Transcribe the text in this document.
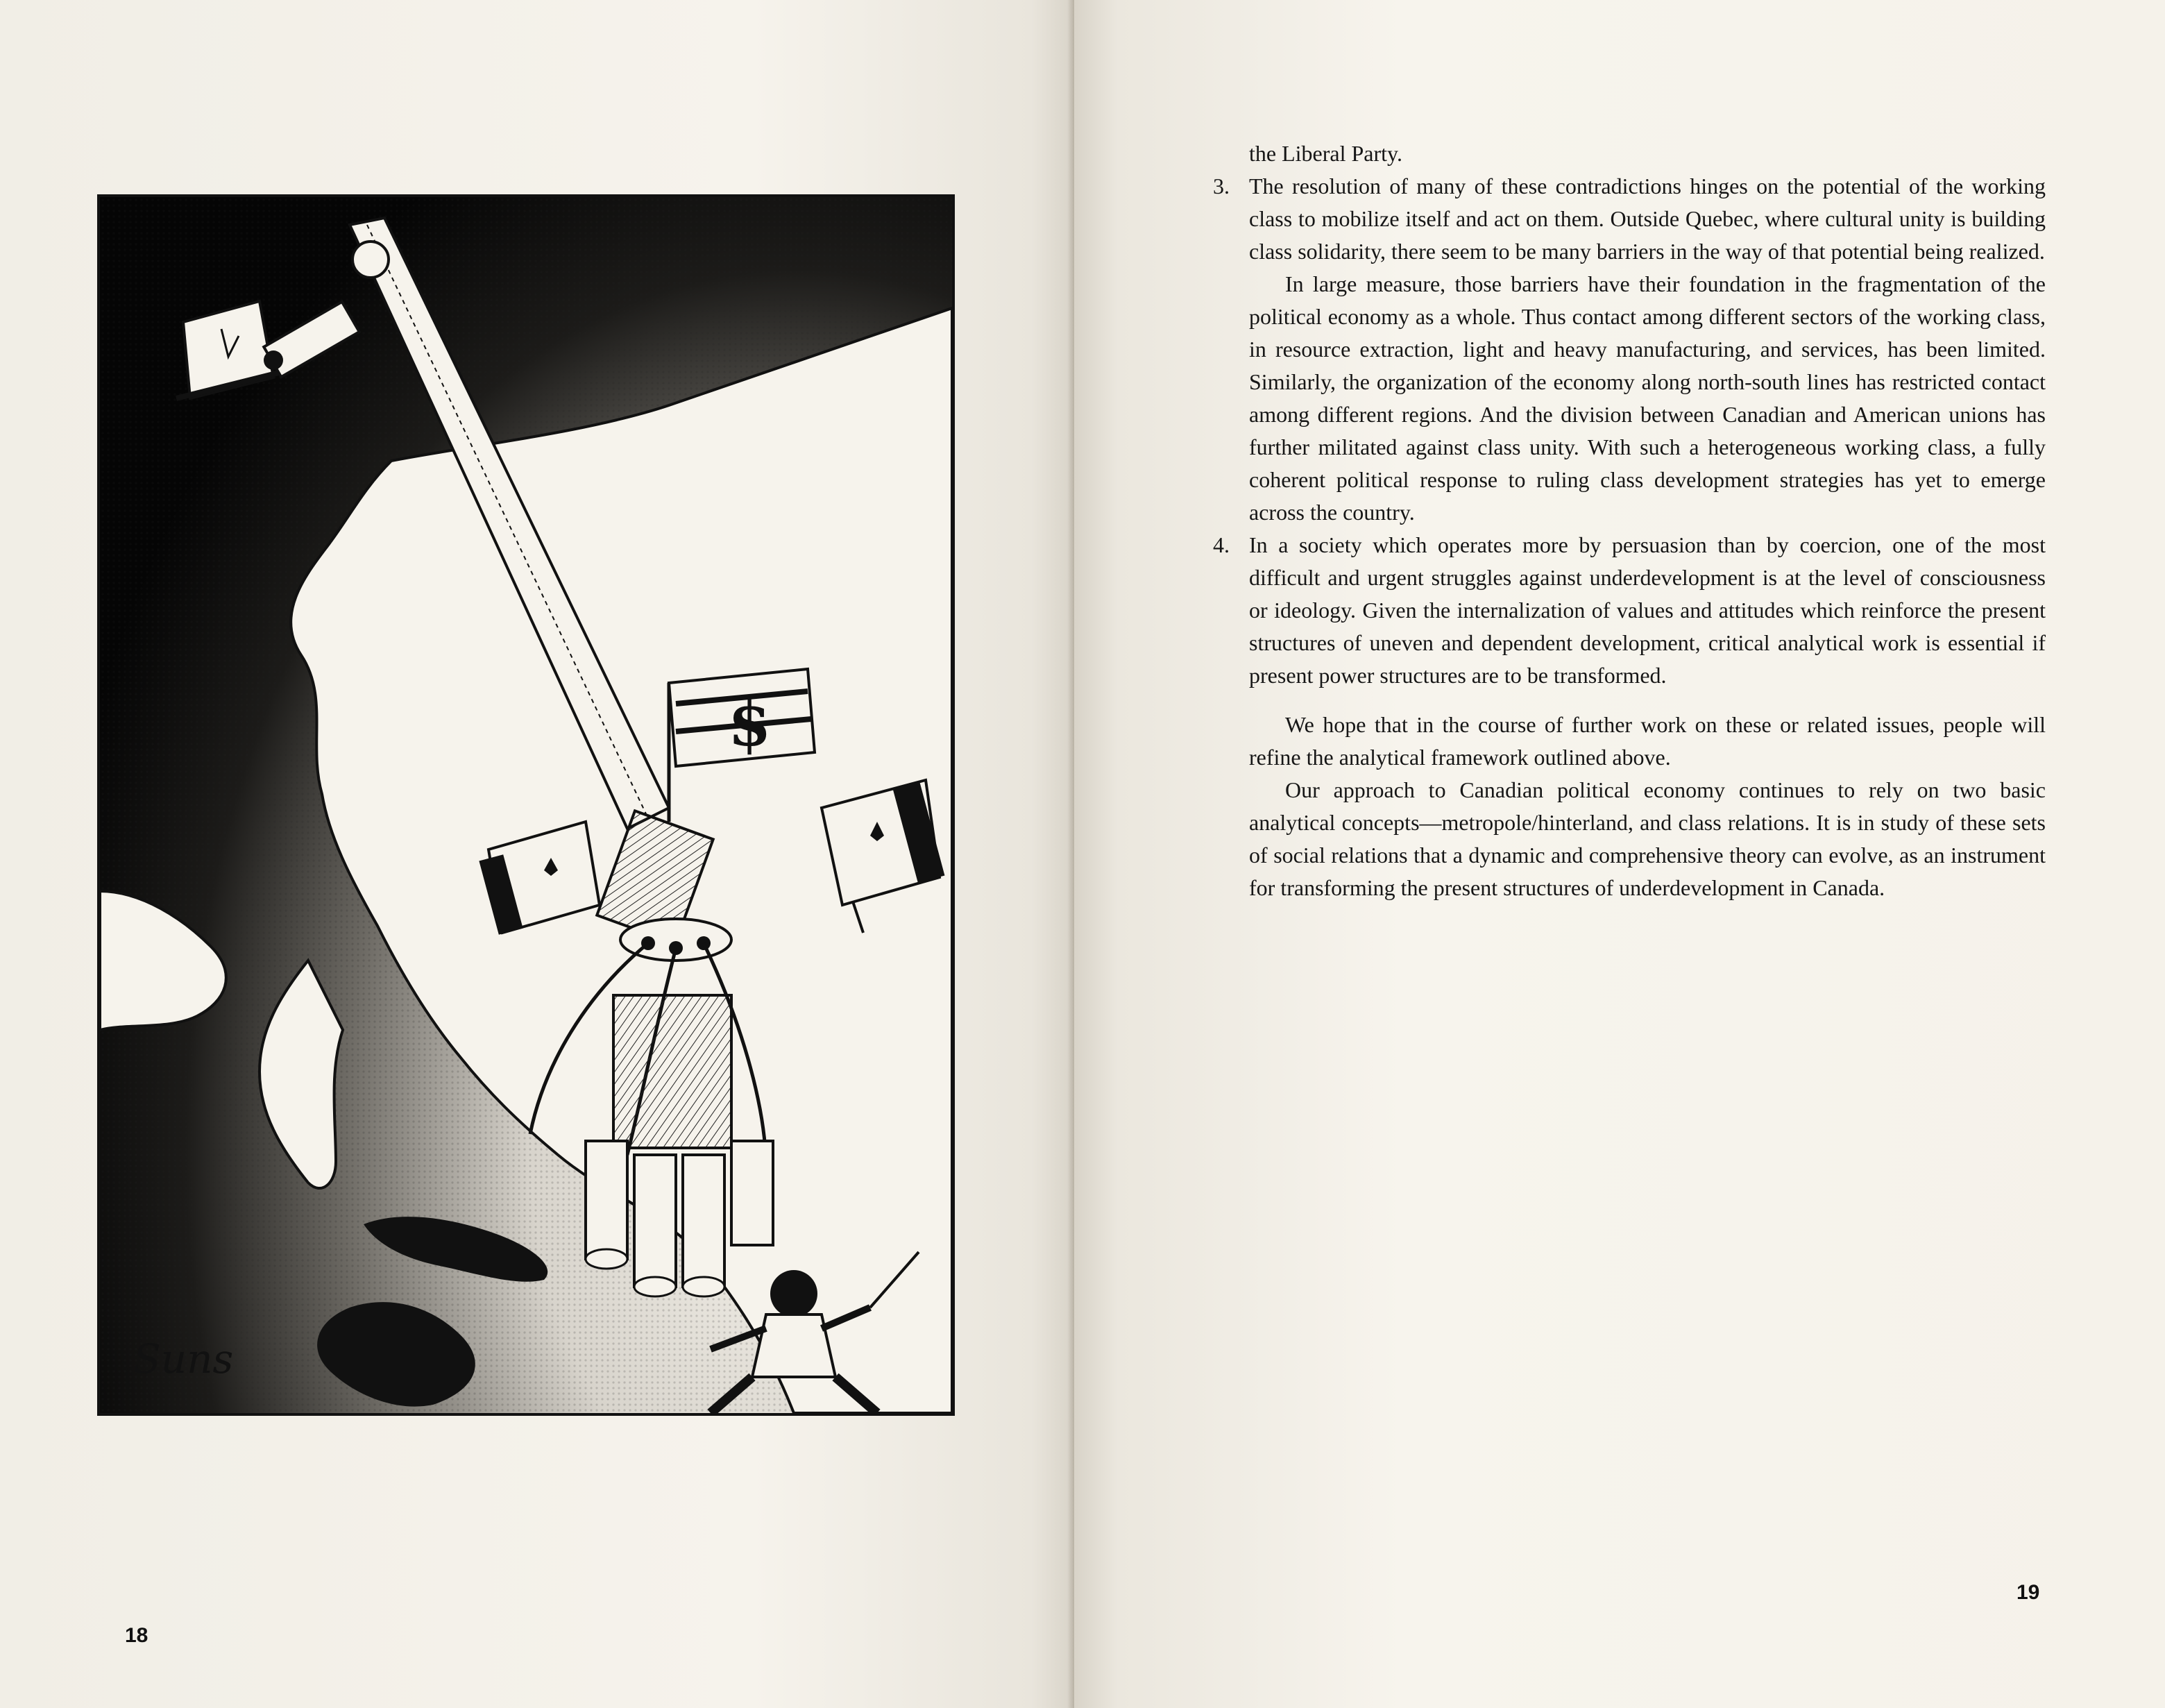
$
Suns
18

the Liberal Party.

3. The resolution of many of these contradictions hinges on the potential of the working class to mobilize itself and act on them. Outside Quebec, where cultural unity is building class solidarity, there seem to be many barriers in the way of that potential being realized.

In large measure, those barriers have their foundation in the fragmentation of the political economy as a whole. Thus contact among different sectors of the working class, in resource extraction, light and heavy manufacturing, and services, has been limited. Similarly, the organization of the economy along north-south lines has restricted contact among different regions. And the division between Canadian and American unions has further militated against class unity. With such a heterogeneous working class, a fully coherent political response to ruling class development strategies has yet to emerge across the country.

4. In a society which operates more by persuasion than by coercion, one of the most difficult and urgent struggles against underdevelopment is at the level of consciousness or ideology. Given the internalization of values and attitudes which reinforce the present structures of uneven and dependent development, critical analytical work is essential if present power structures are to be transformed.

We hope that in the course of further work on these or related issues, people will refine the analytical framework outlined above.

Our approach to Canadian political economy continues to rely on two basic analytical concepts—metropole/hinterland, and class relations. It is in study of these sets of social relations that a dynamic and comprehensive theory can evolve, as an instrument for transforming the present structures of underdevelopment in Canada.

19
